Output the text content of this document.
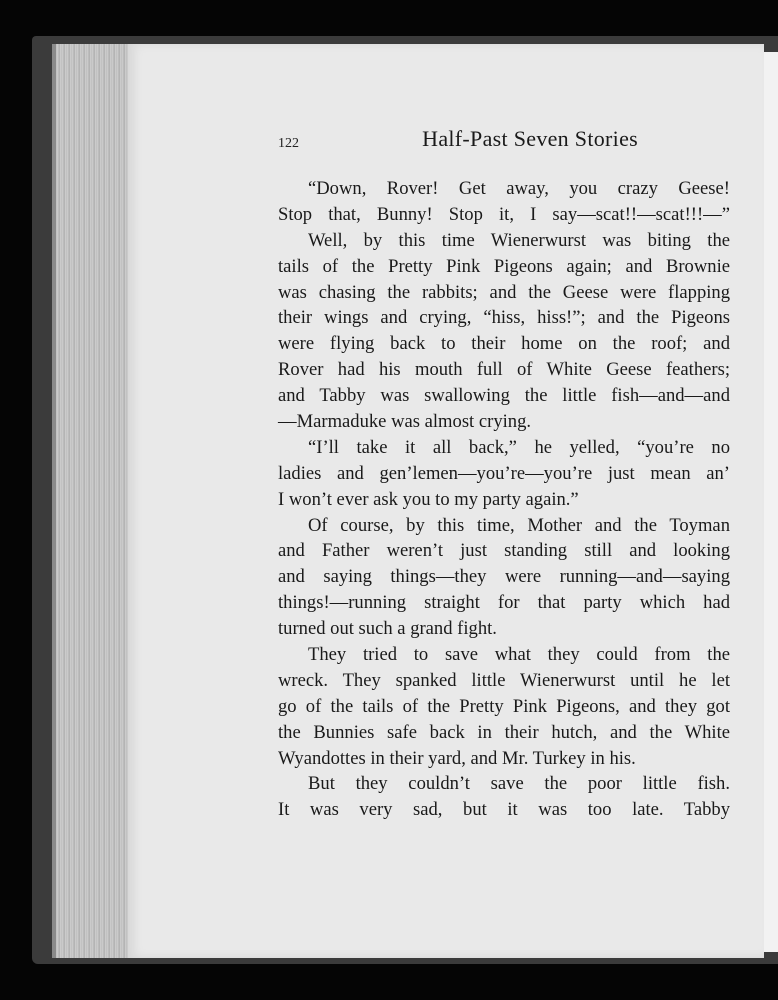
122	Half-Past Seven Stories
“Down, Rover! Get away, you crazy Geese!
Stop that, Bunny! Stop it, I say—scat!!—scat!!!—”
Well, by this time Wienerwurst was biting the
tails of the Pretty Pink Pigeons again; and Brownie
was chasing the rabbits; and the Geese were flapping
their wings and crying, “hiss, hiss!”; and the Pigeons
were flying back to their home on the roof; and
Rover had his mouth full of White Geese feathers;
and Tabby was swallowing the little fish—and—and
—Marmaduke was almost crying.
“I’ll take it all back,” he yelled, “you’re no
ladies and gen’lemen—you’re—you’re just mean an’
I won’t ever ask you to my party again.”
Of course, by this time, Mother and the Toyman
and Father weren’t just standing still and looking
and saying things—they were running—and—saying
things!—running straight for that party which had
turned out such a grand fight.
They tried to save what they could from the
wreck. They spanked little Wienerwurst until he let
go of the tails of the Pretty Pink Pigeons, and they got
the Bunnies safe back in their hutch, and the White
Wyandottes in their yard, and Mr. Turkey in his.
But they couldn’t save the poor little fish.
It was very sad, but it was too late. Tabby
